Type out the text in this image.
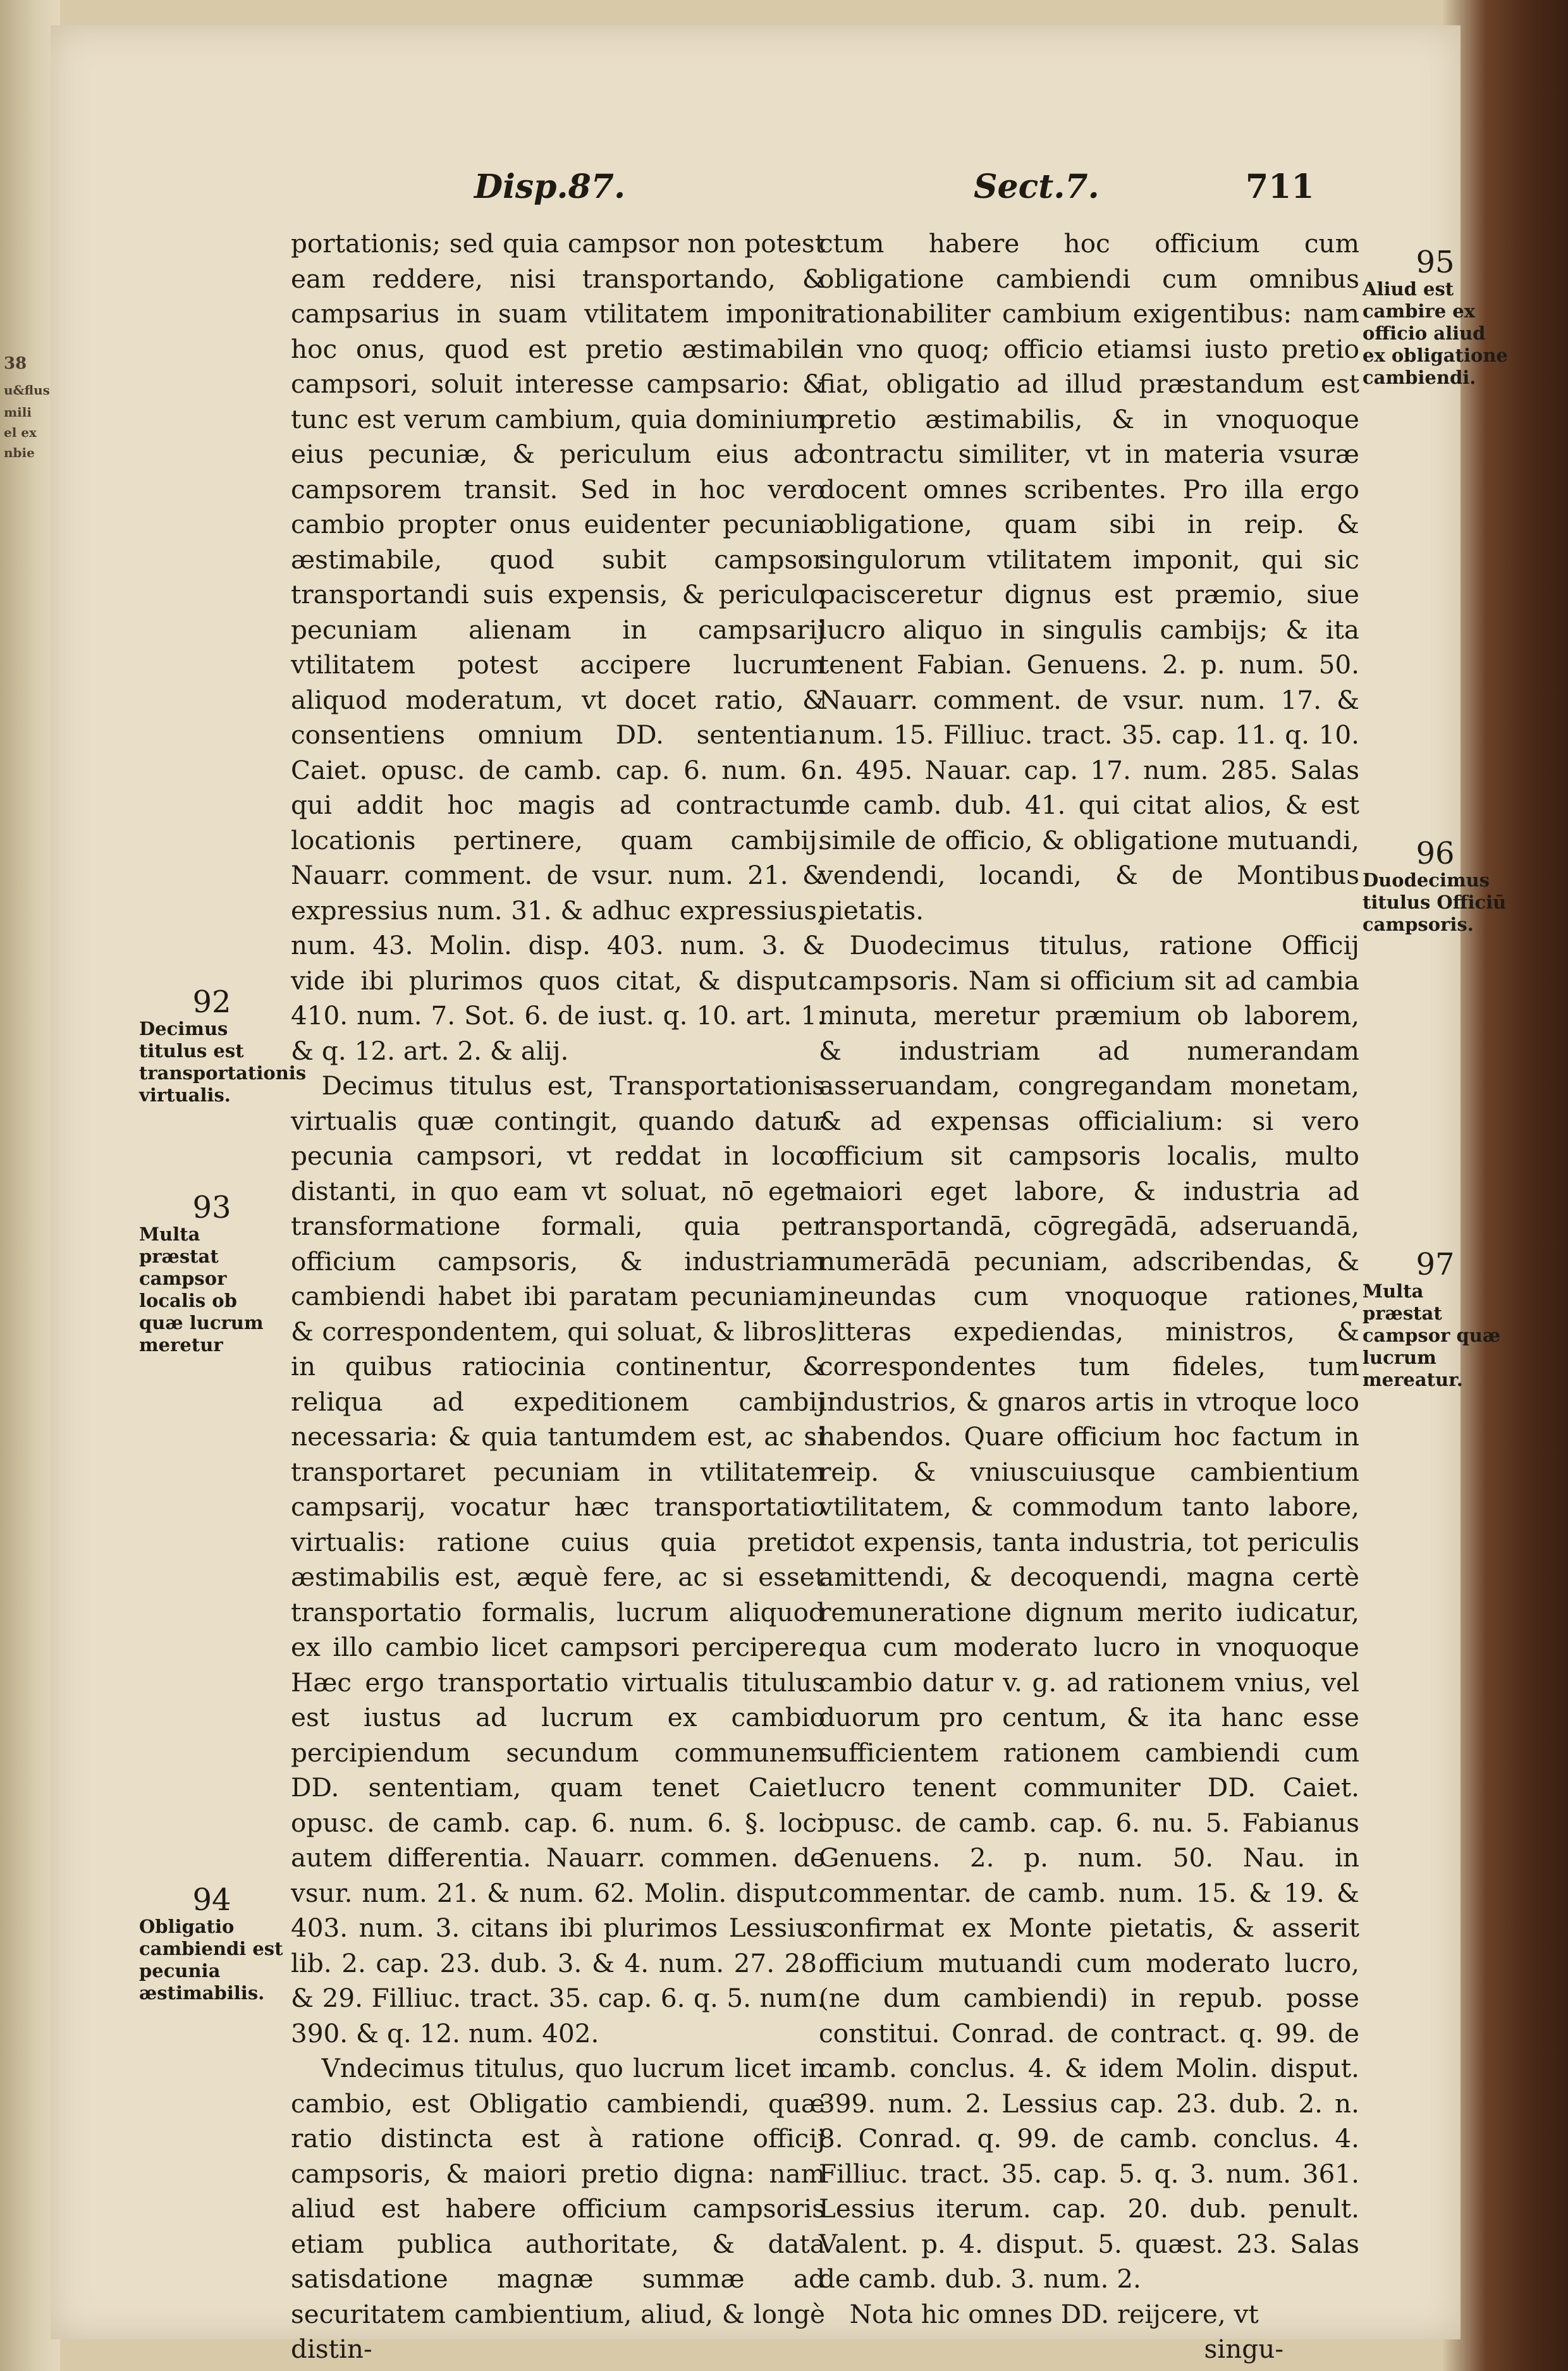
38
u&flus
mili
el ex
nbie
Disp.87.	Sect.7.	711

portationis; sed quia campsor non potest eam reddere, nisi transportando, & campsarius in suam vtilitatem imponit hoc onus, quod est pretio æstimabile campsori, soluit interesse campsario: & tunc est verum cambium, quia dominium eius pecuniæ, & periculum eius ad campsorem transit. Sed in hoc vero cambio propter onus euidenter pecunia æstimabile, quod subit campsor transportandi suis expensis, & periculo pecuniam alienam in campsarij vtilitatem potest accipere lucrum aliquod moderatum, vt docet ratio, & consentiens omnium DD. sententia. Caiet. opusc. de camb. cap. 6. num. 6. qui addit hoc magis ad contractum locationis pertinere, quam cambij. Nauarr. comment. de vsur. num. 21. & expressius num. 31. & adhuc expressius, num. 43. Molin. disp. 403. num. 3. & vide ibi plurimos quos citat, & disput. 410. num. 7. Sot. 6. de iust. q. 10. art. 1. & q. 12. art. 2. & alij.

Decimus titulus est, Transportationis virtualis quæ contingit, quando datur pecunia campsori, vt reddat in loco distanti, in quo eam vt soluat, nō eget transformatione formali, quia per officium campsoris, & industriam cambiendi habet ibi paratam pecuniam, & correspondentem, qui soluat, & libros, in quibus ratiocinia continentur, & reliqua ad expeditionem cambij necessaria: & quia tantumdem est, ac si transportaret pecuniam in vtilitatem campsarij, vocatur hæc transportatio virtualis: ratione cuius quia pretio æstimabilis est, æquè fere, ac si esset transportatio formalis, lucrum aliquod ex illo cambio licet campsori percipere. Hæc ergo transportatio virtualis titulus est iustus ad lucrum ex cambio percipiendum secundum communem DD. sententiam, quam tenet Caiet. opusc. de camb. cap. 6. num. 6. §. loci autem differentia. Nauarr. commen. de vsur. num. 21. & num. 62. Molin. disput. 403. num. 3. citans ibi plurimos Lessius lib. 2. cap. 23. dub. 3. & 4. num. 27. 28. & 29. Filliuc. tract. 35. cap. 6. q. 5. num. 390. & q. 12. num. 402.

Vndecimus titulus, quo lucrum licet in cambio, est Obligatio cambiendi, quæ ratio distincta est à ratione officij campsoris, & maiori pretio digna: nam aliud est habere officium campsoris etiam publica authoritate, & data satisdatione magnæ summæ ad securitatem cambientium, aliud, & longè distin-

ctum habere hoc officium cum obligatione cambiendi cum omnibus rationabiliter cambium exigentibus: nam in vno quoq; officio etiamsi iusto pretio fiat, obligatio ad illud præstandum est pretio æstimabilis, & in vnoquoque contractu similiter, vt in materia vsuræ docent omnes scribentes. Pro illa ergo obligatione, quam sibi in reip. & singulorum vtilitatem imponit, qui sic pacisceretur dignus est præmio, siue lucro aliquo in singulis cambijs; & ita tenent Fabian. Genuens. 2. p. num. 50. Nauarr. comment. de vsur. num. 17. & num. 15. Filliuc. tract. 35. cap. 11. q. 10. n. 495. Nauar. cap. 17. num. 285. Salas de camb. dub. 41. qui citat alios, & est simile de officio, & obligatione mutuandi, vendendi, locandi, & de Montibus pietatis.

Duodecimus titulus, ratione Officij campsoris. Nam si officium sit ad cambia minuta, meretur præmium ob laborem, & industriam ad numerandam asseruandam, congregandam monetam, & ad expensas officialium: si vero officium sit campsoris localis, multo maiori eget labore, & industria ad transportandā, cōgregādā, adseruandā, numerādā pecuniam, adscribendas, & ineundas cum vnoquoque rationes, litteras expediendas, ministros, & correspondentes tum fideles, tum industrios, & gnaros artis in vtroque loco habendos. Quare officium hoc factum in reip. & vniuscuiusque cambientium vtilitatem, & commodum tanto labore, tot expensis, tanta industria, tot periculis amittendi, & decoquendi, magna certè remuneratione dignum merito iudicatur, qua cum moderato lucro in vnoquoque cambio datur v. g. ad rationem vnius, vel duorum pro centum, & ita hanc esse sufficientem rationem cambiendi cum lucro tenent communiter DD. Caiet. opusc. de camb. cap. 6. nu. 5. Fabianus Genuens. 2. p. num. 50. Nau. in commentar. de camb. num. 15. & 19. & confirmat ex Monte pietatis, & asserit officium mutuandi cum moderato lucro, (ne dum cambiendi) in repub. posse constitui. Conrad. de contract. q. 99. de camb. conclus. 4. & idem Molin. disput. 399. num. 2. Lessius cap. 23. dub. 2. n. 8. Conrad. q. 99. de camb. conclus. 4. Filliuc. tract. 35. cap. 5. q. 3. num. 361. Lessius iterum. cap. 20. dub. penult. Valent. p. 4. disput. 5. quæst. 23. Salas de camb. dub. 3. num. 2.

Nota hic omnes DD. reijcere, vt

singu-

92
Decimus titulus est transportationis virtualis.
93
Multa præstat campsor localis ob quæ lucrum meretur
94
Obligatio cambiendi est pecunia æstimabilis.
95
Aliud est cambire ex officio aliud ex obligatione cambiendi.
96
Duodecimus titulus Officiū campsoris.
97
Multa præstat campsor quæ lucrum mereatur.
